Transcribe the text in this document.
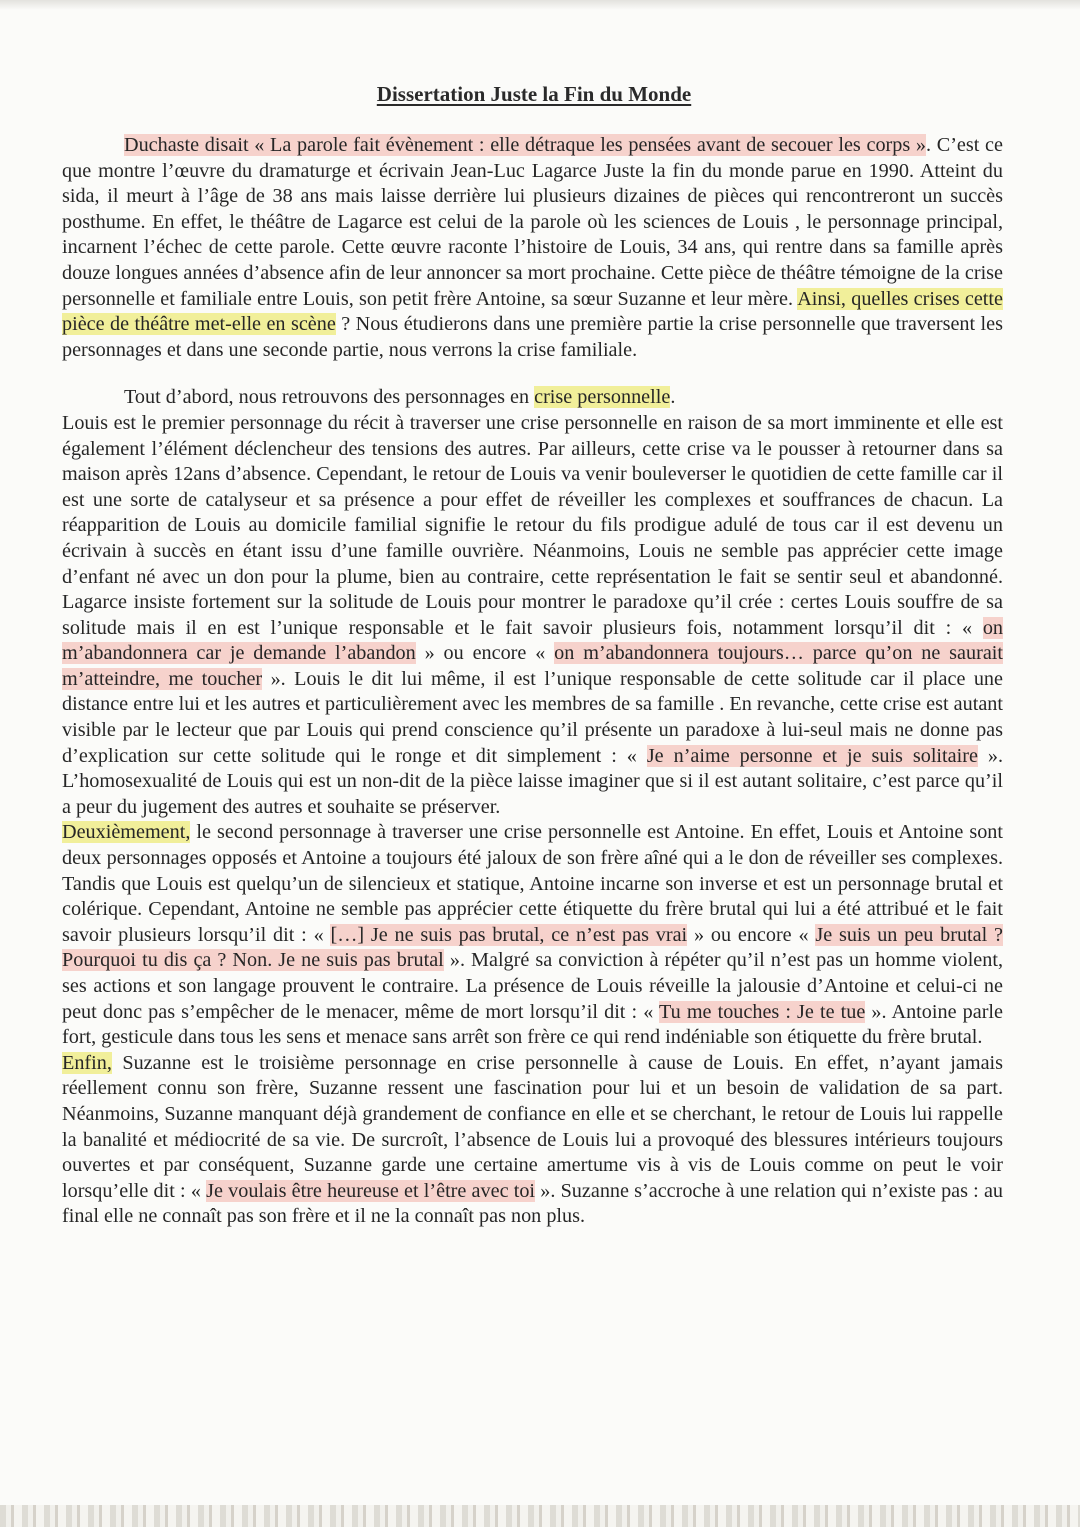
Dissertation Juste la Fin du Monde

Duchaste disait « La parole fait évènement : elle détraque les pensées avant de secouer les corps ». C’est ce que montre l’œuvre du dramaturge et écrivain Jean-Luc Lagarce Juste la fin du monde parue en 1990. Atteint du sida, il meurt à l’âge de 38 ans mais laisse derrière lui plusieurs dizaines de pièces qui rencontreront un succès posthume. En effet, le théâtre de Lagarce est celui de la parole où les sciences de Louis , le personnage principal, incarnent l’échec de cette parole. Cette œuvre raconte l’histoire de Louis, 34 ans, qui rentre dans sa famille après douze longues années d’absence afin de leur annoncer sa mort prochaine. Cette pièce de théâtre témoigne de la crise personnelle et familiale entre Louis, son petit frère Antoine, sa sœur Suzanne et leur mère. Ainsi, quelles crises cette pièce de théâtre met-elle en scène ? Nous étudierons dans une première partie la crise personnelle que traversent les personnages et dans une seconde partie, nous verrons la crise familiale.

Tout d’abord, nous retrouvons des personnages en crise personnelle.

Louis est le premier personnage du récit à traverser une crise personnelle en raison de sa mort imminente et elle est également l’élément déclencheur des tensions des autres. Par ailleurs, cette crise va le pousser à retourner dans sa maison après 12ans d’absence. Cependant, le retour de Louis va venir bouleverser le quotidien de cette famille car il est une sorte de catalyseur et sa présence a pour effet de réveiller les complexes et souffrances de chacun. La réapparition de Louis au domicile familial signifie le retour du fils prodigue adulé de tous car il est devenu un écrivain à succès en étant issu d’une famille ouvrière. Néanmoins, Louis ne semble pas apprécier cette image d’enfant né avec un don pour la plume, bien au contraire, cette représentation le fait se sentir seul et abandonné. Lagarce insiste fortement sur la solitude de Louis pour montrer le paradoxe qu’il crée : certes Louis souffre de sa solitude mais il en est l’unique responsable et le fait savoir plusieurs fois, notamment lorsqu’il dit : « on m’abandonnera car je demande l’abandon » ou encore « on m’abandonnera toujours… parce qu’on ne saurait m’atteindre, me toucher ». Louis le dit lui même, il est l’unique responsable de cette solitude car il place une distance entre lui et les autres et particulièrement avec les membres de sa famille . En revanche, cette crise est autant visible par le lecteur que par Louis qui prend conscience qu’il présente un paradoxe à lui-seul mais ne donne pas d’explication sur cette solitude qui le ronge et dit simplement : « Je n’aime personne et je suis solitaire ». L’homosexualité de Louis qui est un non-dit de la pièce laisse imaginer que si il est autant solitaire, c’est parce qu’il a peur du jugement des autres et souhaite se préserver.

Deuxièmement, le second personnage à traverser une crise personnelle est Antoine. En effet, Louis et Antoine sont deux personnages opposés et Antoine a toujours été jaloux de son frère aîné qui a le don de réveiller ses complexes. Tandis que Louis est quelqu’un de silencieux et statique, Antoine incarne son inverse et est un personnage brutal et colérique. Cependant, Antoine ne semble pas apprécier cette étiquette du frère brutal qui lui a été attribué et le fait savoir plusieurs lorsqu’il dit : « […] Je ne suis pas brutal, ce n’est pas vrai » ou encore « Je suis un peu brutal ? Pourquoi tu dis ça ? Non. Je ne suis pas brutal ». Malgré sa conviction à répéter qu’il n’est pas un homme violent, ses actions et son langage prouvent le contraire. La présence de Louis réveille la jalousie d’Antoine et celui-ci ne peut donc pas s’empêcher de le menacer, même de mort lorsqu’il dit : « Tu me touches : Je te tue ». Antoine parle fort, gesticule dans tous les sens et menace sans arrêt son frère ce qui rend indéniable son étiquette du frère brutal.

Enfin, Suzanne est le troisième personnage en crise personnelle à cause de Louis. En effet, n’ayant jamais réellement connu son frère, Suzanne ressent une fascination pour lui et un besoin de validation de sa part. Néanmoins, Suzanne manquant déjà grandement de confiance en elle et se cherchant, le retour de Louis lui rappelle la banalité et médiocrité de sa vie. De surcroît, l’absence de Louis lui a provoqué des blessures intérieurs toujours ouvertes et par conséquent, Suzanne garde une certaine amertume vis à vis de Louis comme on peut le voir lorsqu’elle dit : « Je voulais être heureuse et l’être avec toi ». Suzanne s’accroche à une relation qui n’existe pas : au final elle ne connaît pas son frère et il ne la connaît pas non plus.
